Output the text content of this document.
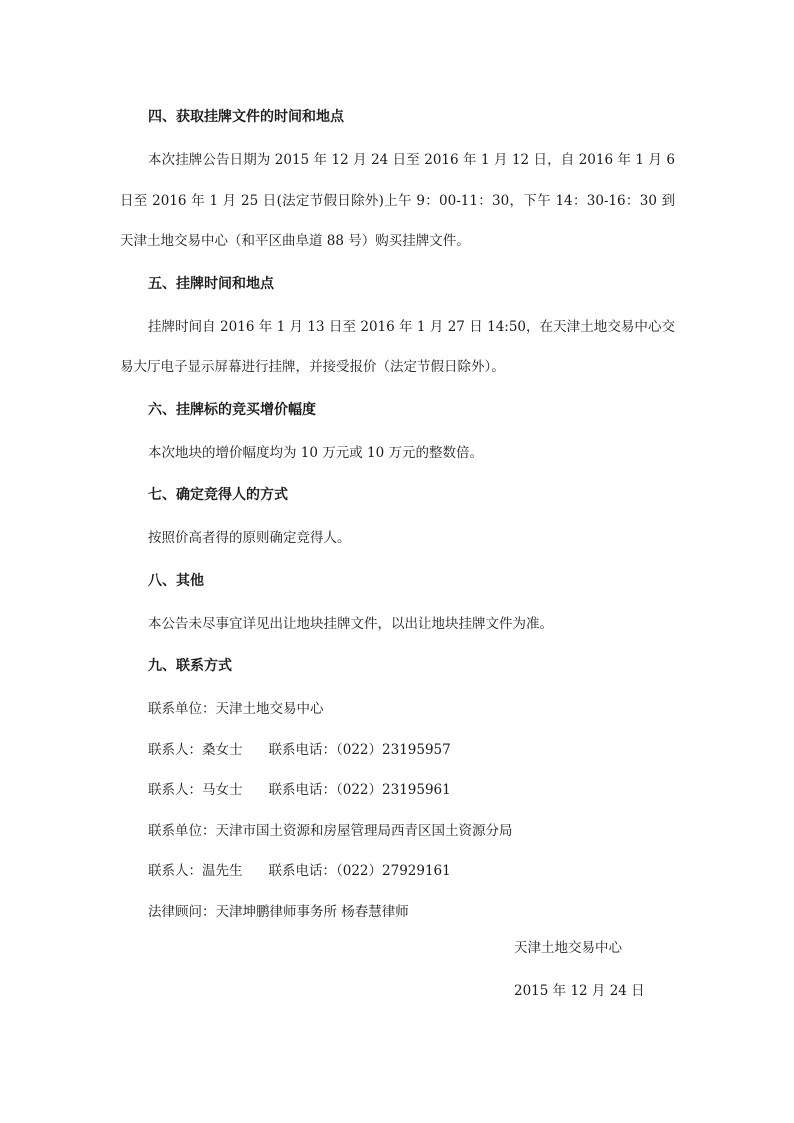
四、获取挂牌文件的时间和地点

本次挂牌公告日期为 2015 年 12 月 24 日至 2016 年 1 月 12 日，自 2016 年 1 月 6 日至 2016 年 1 月 25 日(法定节假日除外)上午 9：00-11：30，下午 14：30-16：30 到天津土地交易中心（和平区曲阜道 88 号）购买挂牌文件。

五、挂牌时间和地点

挂牌时间自 2016 年 1 月 13 日至 2016 年 1 月 27 日 14:50，在天津土地交易中心交易大厅电子显示屏幕进行挂牌，并接受报价（法定节假日除外）。

六、挂牌标的竞买增价幅度

本次地块的增价幅度均为 10 万元或 10 万元的整数倍。

七、确定竞得人的方式

按照价高者得的原则确定竞得人。

八、其他

本公告未尽事宜详见出让地块挂牌文件，以出让地块挂牌文件为准。

九、联系方式

联系单位：天津土地交易中心

联系人：桑女士 联系电话：（022）23195957

联系人：马女士 联系电话：（022）23195961

联系单位：天津市国土资源和房屋管理局西青区国土资源分局

联系人：温先生 联系电话：（022）27929161

法律顾问：天津坤鹏律师事务所 杨春慧律师

天津土地交易中心
2015 年 12 月 24 日
